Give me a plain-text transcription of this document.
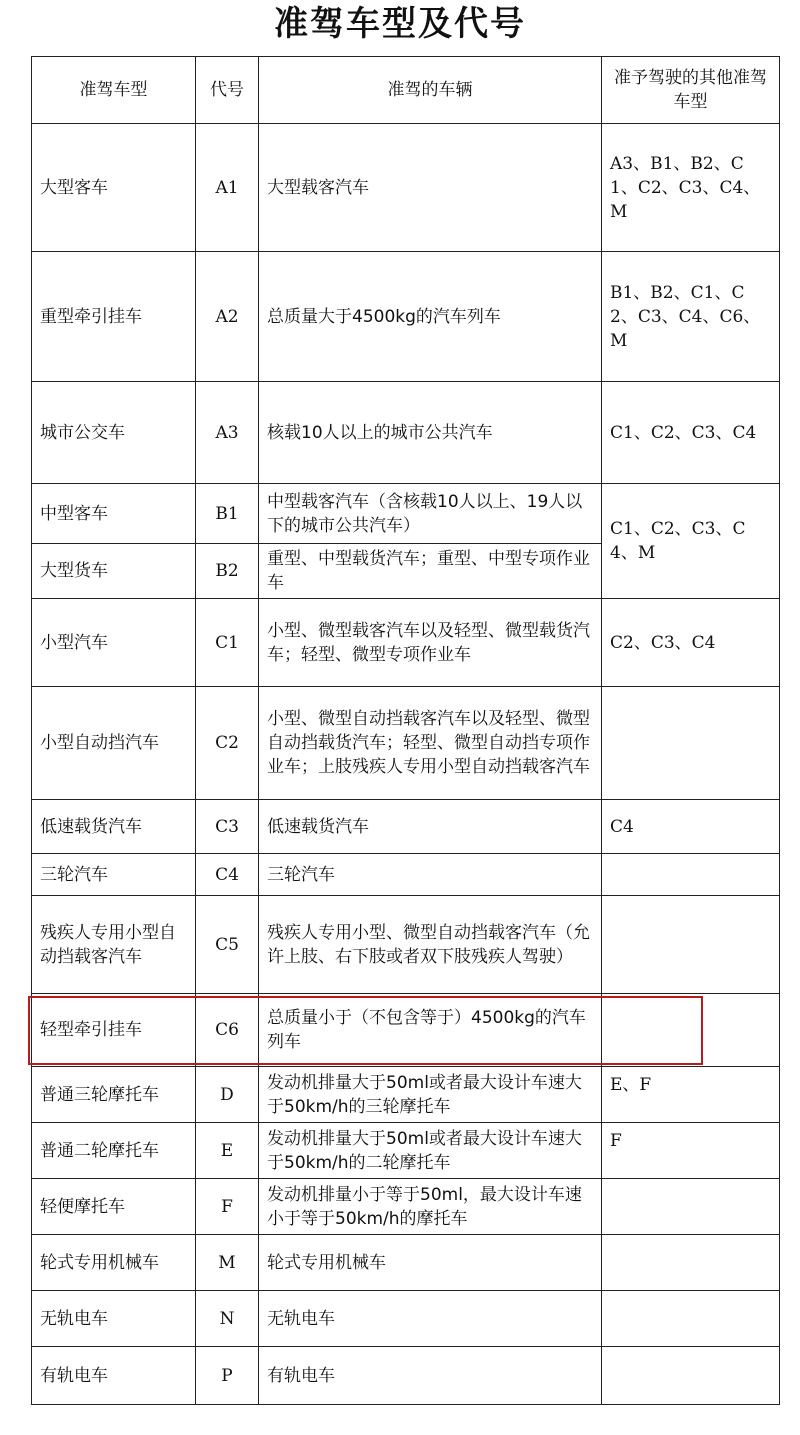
准驾车型及代号
准驾车型	代号	准驾的车辆	准予驾驶的其他准驾车型
大型客车	A1	大型载客汽车	A3、B1、B2、C1、C2、C3、C4、M
重型牵引挂车	A2	总质量大于4500kg的汽车列车	B1、B2、C1、C2、C3、C4、C6、M
城市公交车	A3	核载10人以上的城市公共汽车	C1、C2、C3、C4
中型客车	B1	中型载客汽车（含核载10人以上、19人以下的城市公共汽车）	C1、C2、C3、C4、M
大型货车	B2	重型、中型载货汽车；重型、中型专项作业车	
小型汽车	C1	小型、微型载客汽车以及轻型、微型载货汽车；轻型、微型专项作业车	C2、C3、C4
小型自动挡汽车	C2	小型、微型自动挡载客汽车以及轻型、微型自动挡载货汽车；轻型、微型自动挡专项作业车；上肢残疾人专用小型自动挡载客汽车	
低速载货汽车	C3	低速载货汽车	C4
三轮汽车	C4	三轮汽车	
残疾人专用小型自动挡载客汽车	C5	残疾人专用小型、微型自动挡载客汽车（允许上肢、右下肢或者双下肢残疾人驾驶）	
轻型牵引挂车	C6	总质量小于（不包含等于）4500kg的汽车列车	
普通三轮摩托车	D	发动机排量大于50ml或者最大设计车速大于50km/h的三轮摩托车	E、F
普通二轮摩托车	E	发动机排量大于50ml或者最大设计车速大于50km/h的二轮摩托车	F
轻便摩托车	F	发动机排量小于等于50ml，最大设计车速小于等于50km/h的摩托车	
轮式专用机械车	M	轮式专用机械车	
无轨电车	N	无轨电车	
有轨电车	P	有轨电车	
